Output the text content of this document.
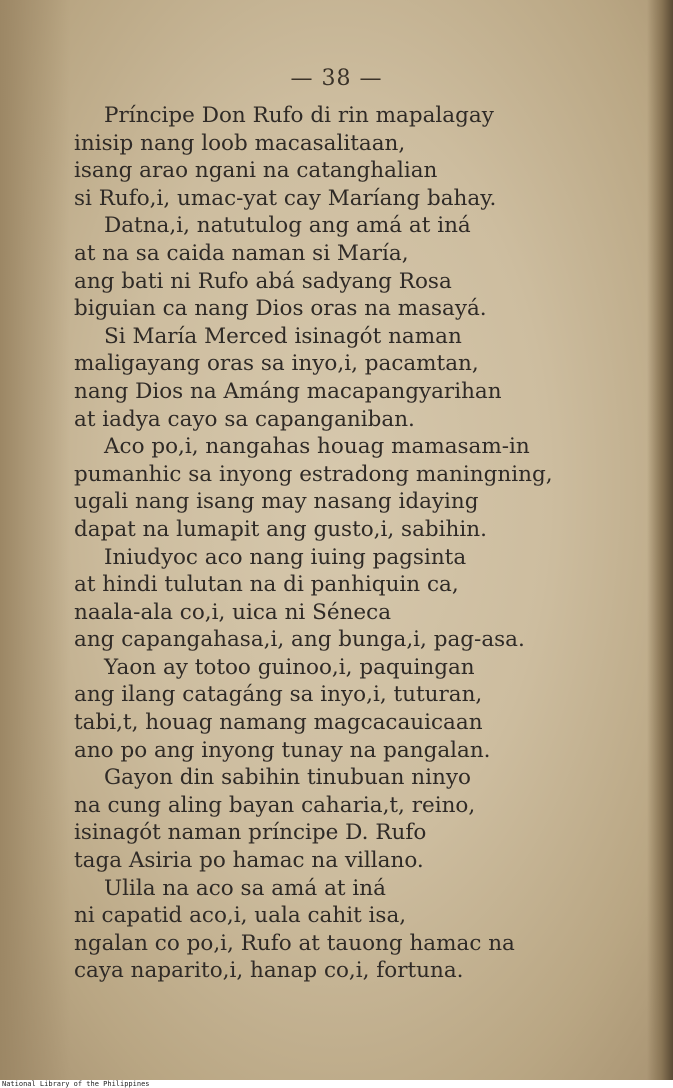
— 38 —
Príncipe Don Rufo di rin mapalagay
inisip nang loob macasalitaan,
isang arao ngani na catanghalian
si Rufo,i, umac-yat cay Maríang bahay.
Datna,i, natutulog ang amá at iná
at na sa caida naman si María,
ang bati ni Rufo abá sadyang Rosa
biguian ca nang Dios oras na masayá.
Si María Merced isinagót naman
maligayang oras sa inyo,i, pacamtan,
nang Dios na Amáng macapangyarihan
at iadya cayo sa capanganiban.
Aco po,i, nangahas houag mamasam-in
pumanhic sa inyong estradong maningning,
ugali nang isang may nasang idaying
dapat na lumapit ang gusto,i, sabihin.
Iniudyoc aco nang iuing pagsinta
at hindi tulutan na di panhiquin ca,
naala-ala co,i, uica ni Séneca
ang capangahasa,i, ang bunga,i, pag-asa.
Yaon ay totoo guinoo,i, paquingan
ang ilang catagáng sa inyo,i, tuturan,
tabi,t, houag namang magcacauicaan
ano po ang inyong tunay na pangalan.
Gayon din sabihin tinubuan ninyo
na cung aling bayan caharia,t, reino,
isinagót naman príncipe D. Rufo
taga Asiria po hamac na villano.
Ulila na aco sa amá at iná
ni capatid aco,i, uala cahit isa,
ngalan co po,i, Rufo at tauong hamac na
caya naparito,i, hanap co,i, fortuna.
National Library of the Philippines
